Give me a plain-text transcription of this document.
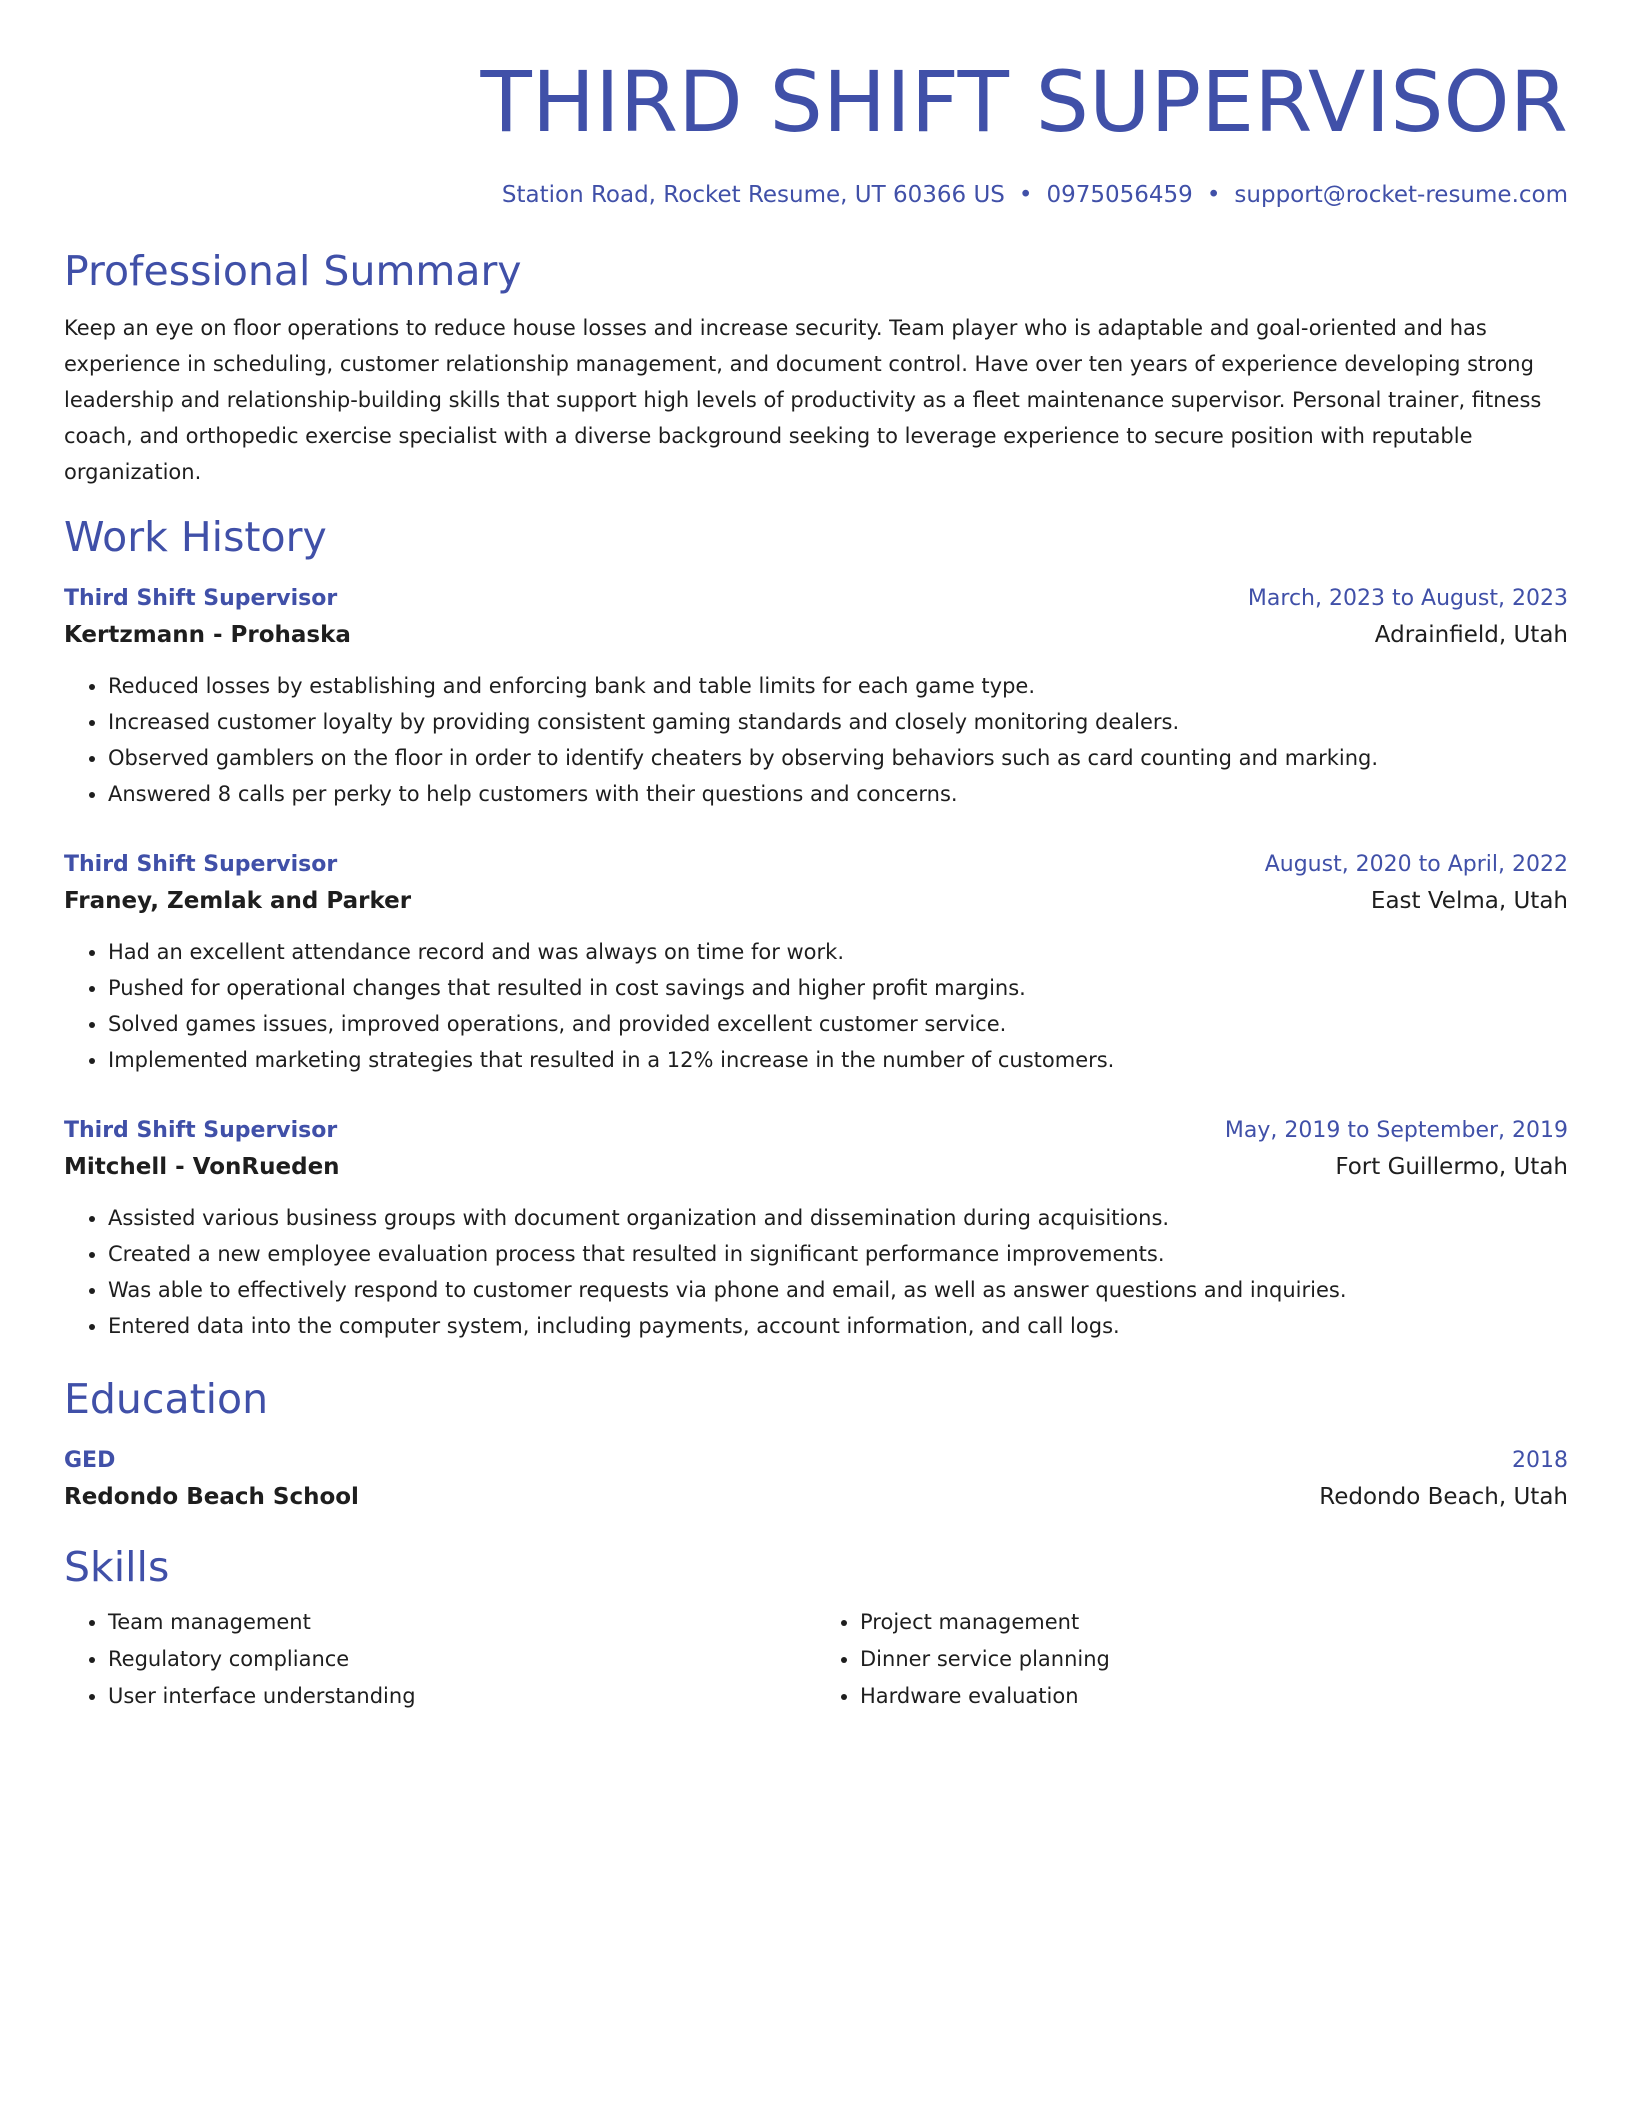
THIRD SHIFT SUPERVISOR
Station Road, Rocket Resume, UT 60366 US • 0975056459 • support@rocket-resume.com
Professional Summary
Keep an eye on floor operations to reduce house losses and increase security. Team player who is adaptable and goal-oriented and has experience in scheduling, customer relationship management, and document control. Have over ten years of experience developing strong leadership and relationship-building skills that support high levels of productivity as a fleet maintenance supervisor. Personal trainer, fitness coach, and orthopedic exercise specialist with a diverse background seeking to leverage experience to secure position with reputable organization.
Work History
Third Shift Supervisor	March, 2023 to August, 2023
Kertzmann - Prohaska	Adrainfield, Utah
• Reduced losses by establishing and enforcing bank and table limits for each game type.
• Increased customer loyalty by providing consistent gaming standards and closely monitoring dealers.
• Observed gamblers on the floor in order to identify cheaters by observing behaviors such as card counting and marking.
• Answered 8 calls per perky to help customers with their questions and concerns.
Third Shift Supervisor	August, 2020 to April, 2022
Franey, Zemlak and Parker	East Velma, Utah
• Had an excellent attendance record and was always on time for work.
• Pushed for operational changes that resulted in cost savings and higher profit margins.
• Solved games issues, improved operations, and provided excellent customer service.
• Implemented marketing strategies that resulted in a 12% increase in the number of customers.
Third Shift Supervisor	May, 2019 to September, 2019
Mitchell - VonRueden	Fort Guillermo, Utah
• Assisted various business groups with document organization and dissemination during acquisitions.
• Created a new employee evaluation process that resulted in significant performance improvements.
• Was able to effectively respond to customer requests via phone and email, as well as answer questions and inquiries.
• Entered data into the computer system, including payments, account information, and call logs.
Education
GED	2018
Redondo Beach School	Redondo Beach, Utah
Skills
• Team management
• Regulatory compliance
• User interface understanding
• Project management
• Dinner service planning
• Hardware evaluation
